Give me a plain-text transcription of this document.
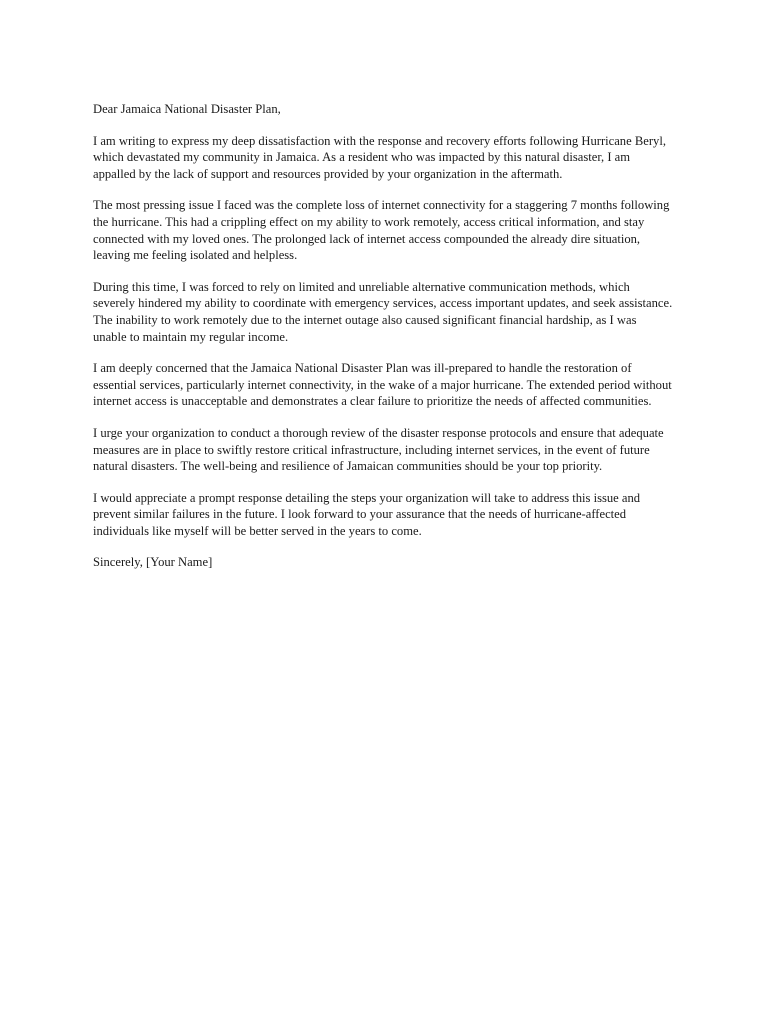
Dear Jamaica National Disaster Plan,

I am writing to express my deep dissatisfaction with the response and recovery efforts following Hurricane Beryl, which devastated my community in Jamaica. As a resident who was impacted by this natural disaster, I am appalled by the lack of support and resources provided by your organization in the aftermath.

The most pressing issue I faced was the complete loss of internet connectivity for a staggering 7 months following the hurricane. This had a crippling effect on my ability to work remotely, access critical information, and stay connected with my loved ones. The prolonged lack of internet access compounded the already dire situation, leaving me feeling isolated and helpless.

During this time, I was forced to rely on limited and unreliable alternative communication methods, which severely hindered my ability to coordinate with emergency services, access important updates, and seek assistance. The inability to work remotely due to the internet outage also caused significant financial hardship, as I was unable to maintain my regular income.

I am deeply concerned that the Jamaica National Disaster Plan was ill-prepared to handle the restoration of essential services, particularly internet connectivity, in the wake of a major hurricane. The extended period without internet access is unacceptable and demonstrates a clear failure to prioritize the needs of affected communities.

I urge your organization to conduct a thorough review of the disaster response protocols and ensure that adequate measures are in place to swiftly restore critical infrastructure, including internet services, in the event of future natural disasters. The well-being and resilience of Jamaican communities should be your top priority.

I would appreciate a prompt response detailing the steps your organization will take to address this issue and prevent similar failures in the future. I look forward to your assurance that the needs of hurricane-affected individuals like myself will be better served in the years to come.

Sincerely, [Your Name]
